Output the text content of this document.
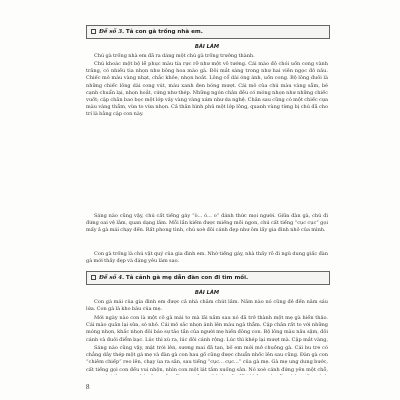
Đề số 3. Tả con gà trống nhà em.
BÀI LÀM

Chú gà trống nhà em đã ra dáng một chú gà trống trưởng thành.

Chú khoác một bộ lễ phục màu tía rực rỡ như một võ tướng. Cái mào đỏ chói uốn cong vành trăng, có nhiều tia nhọn như bông hoa mào gà. Đôi mắt sáng trong như hai viên ngọc đỏ nâu. Chiếc mỏ màu vàng nhạt, chắc khỏe, nhọn hoắt. Lông cổ dài óng ánh, uốn cong. Bộ lông đuôi là những chiếc lông dài cong vút, màu xanh đen bóng mượt. Cái mỏ của chú màu vàng sẫm, bé cạnh chuẩn lại, nhọn hoắt, cứng như thép. Những ngón chân đều có móng nhọn như những chiếc vuốt; cặp chân bao bọc một lớp vảy vàng vàng xám như da nghệ. Chân sau cũng có một chiếc cựa màu vàng thẫm, vừa to vừa nhọn. Cả thân hình phủ một lớp lông, quanh vùng từng bị chú đã cho trí là bằng cặp con này.

Sáng nào cũng vậy, chú cất tiếng gáy “ò... ó... o” đánh thức mọi người. Giữa đàn gà, chú đi đứng oai vệ lắm, quan dạng lắm. Mỗi lần kiếm được miếng mồi ngon, chú cất tiếng “cục cục” gọi mấy ả gà mái chạy đến. Rất phong tình, chú xoè đôi cánh đẹp như ôm lấy gia đình nhỏ của mình.

Con gà trống là chú vật quý của gia đình em. Nhờ tiếng gáy, nhà thấy rõ đi ngủ dung giấc đàn gà mới thấy đẹp và đáng yêu làm sao.

Đề số 4. Tả cảnh gà mẹ dẫn đàn con đi tìm mồi.
BÀI LÀM

Con gà mái của gia đình em được cả nhà chăm chút lắm. Năm nào nó cũng đẻ đến năm sáu lứa. Con gà là kho báu của mẹ.

Mới ngày nào con là một cô gà mái to mà lãi năm sau nó đã trở thành một mẹ gà hiền thảo. Cái mào quăn lại sửa, só nhỏ. Cái mỏ sắc nhọn ánh lên màu ngà thẫm. Cặp chân rất to với những móng nhọn, khắc nhọn đôi báo sự tảo tần của người mẹ hiền đông con. Bộ lông màu nâu sậm, đôi cánh và đuôi điểm bạc. Lúc thì xù ra, lúc đôi cánh rộng. Lúc thì khép lại mượt mà. Cặp mắt vàng,

Sáng nào cũng vậy, mặt trời lên, sương mai đã tan, bố em mới mở chuồng gà. Cái bu tre có chẳng dây thép một gà mẹ và đàn gà con hau gõ cũng được chuẩn nhốc lên sau cũng. Đàn gà con “chiêm chiếp” reo lên, chạy ùa ra sân, sau tiếng “cục... cục...” của gà mẹ. Gà mẹ ung dung bước, cất tiếng gọi con đều vui nhộn, nhìn con một lát tắm xuống sân. Nó xoè cánh đứng yên một chỗ,

8
